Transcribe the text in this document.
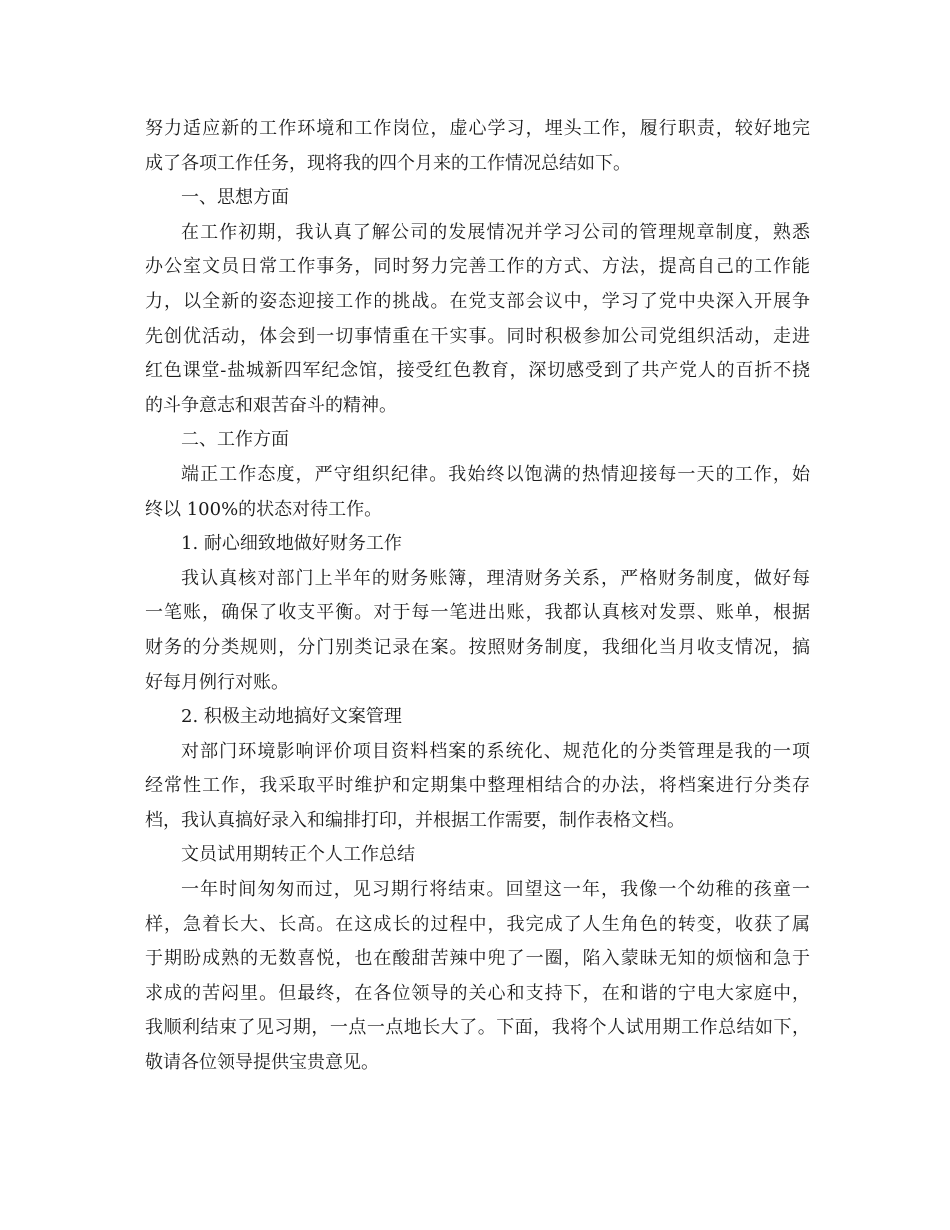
努力适应新的工作环境和工作岗位，虚心学习，埋头工作，履行职责，较好地完
成了各项工作任务，现将我的四个月来的工作情况总结如下。
一、思想方面
在工作初期，我认真了解公司的发展情况并学习公司的管理规章制度，熟悉
办公室文员日常工作事务，同时努力完善工作的方式、方法，提高自己的工作能
力，以全新的姿态迎接工作的挑战。在党支部会议中，学习了党中央深入开展争
先创优活动，体会到一切事情重在干实事。同时积极参加公司党组织活动，走进
红色课堂-盐城新四军纪念馆，接受红色教育，深切感受到了共产党人的百折不挠
的斗争意志和艰苦奋斗的精神。
二、工作方面
端正工作态度，严守组织纪律。我始终以饱满的热情迎接每一天的工作，始
终以 100%的状态对待工作。
1. 耐心细致地做好财务工作
我认真核对部门上半年的财务账簿，理清财务关系，严格财务制度，做好每
一笔账，确保了收支平衡。对于每一笔进出账，我都认真核对发票、账单，根据
财务的分类规则，分门别类记录在案。按照财务制度，我细化当月收支情况，搞
好每月例行对账。
2. 积极主动地搞好文案管理
对部门环境影响评价项目资料档案的系统化、规范化的分类管理是我的一项
经常性工作，我采取平时维护和定期集中整理相结合的办法，将档案进行分类存
档，我认真搞好录入和编排打印，并根据工作需要，制作表格文档。
文员试用期转正个人工作总结
一年时间匆匆而过，见习期行将结束。回望这一年，我像一个幼稚的孩童一
样，急着长大、长高。在这成长的过程中，我完成了人生角色的转变，收获了属
于期盼成熟的无数喜悦，也在酸甜苦辣中兜了一圈，陷入蒙昧无知的烦恼和急于
求成的苦闷里。但最终，在各位领导的关心和支持下，在和谐的宁电大家庭中，
我顺利结束了见习期，一点一点地长大了。下面，我将个人试用期工作总结如下，
敬请各位领导提供宝贵意见。
